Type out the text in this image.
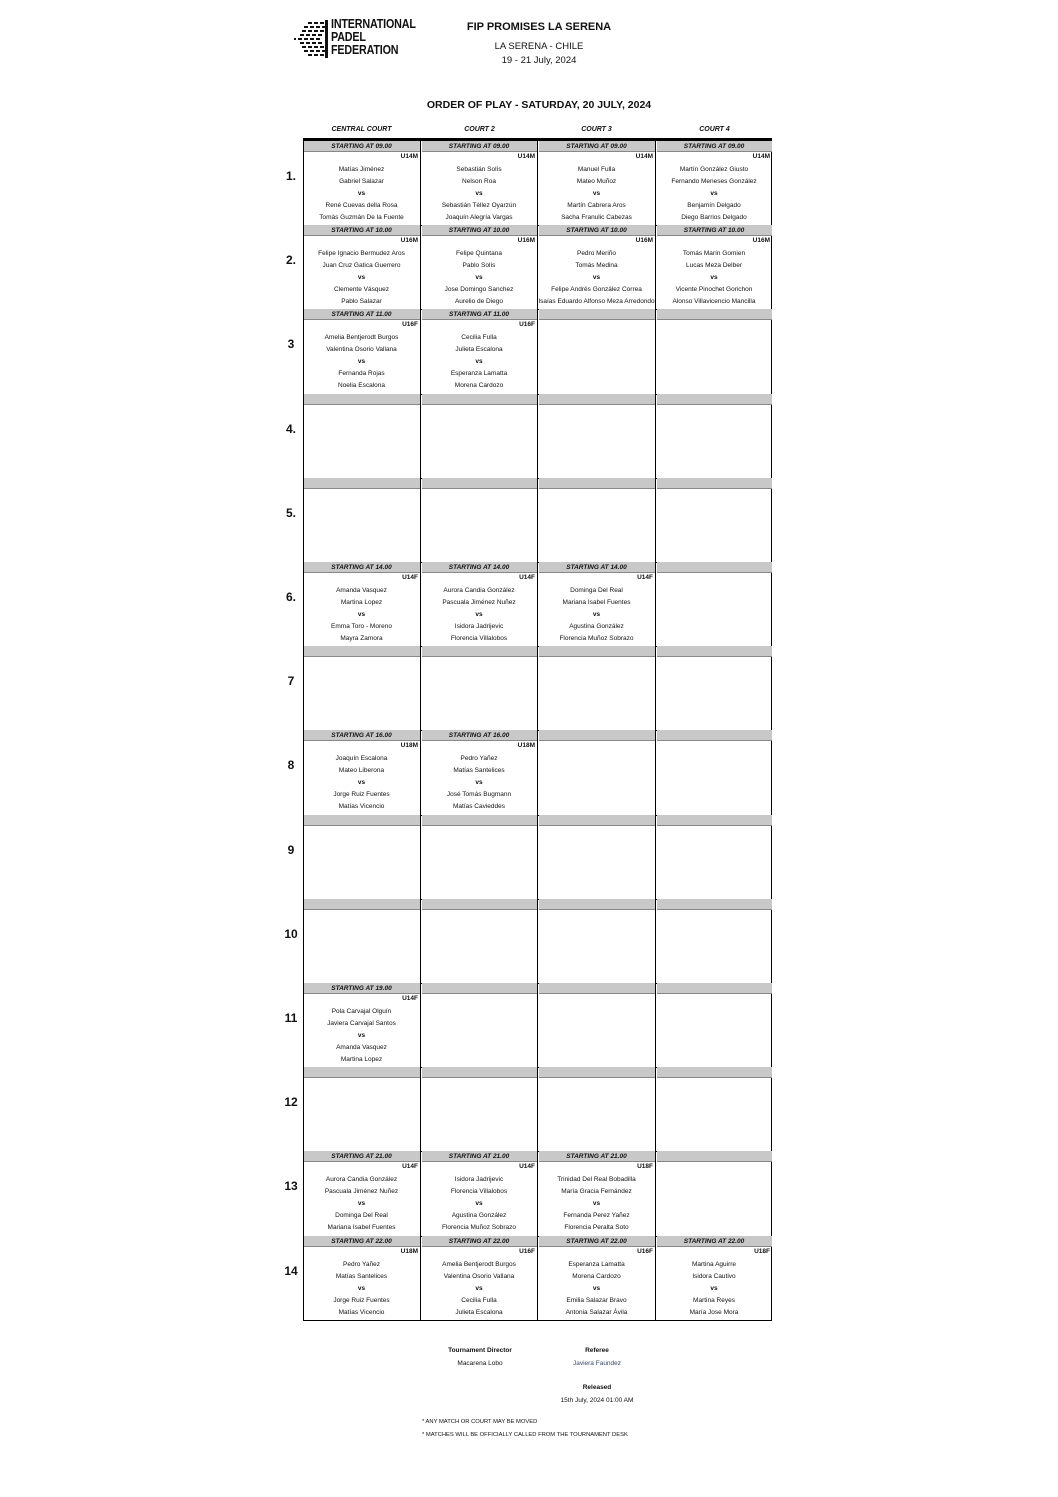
INTERNATIONAL
PADEL
FEDERATION
FIP PROMISES LA SERENA
LA SERENA - CHILE
19 - 21 July, 2024
ORDER OF PLAY - SATURDAY, 20 JULY, 2024
CENTRAL COURT	COURT 2	COURT 3	COURT 4
1.
STARTING AT 09.00
U14M
Matías Jiménez
Gabriel Salazar
vs
René Cuevas della Rosa
Tomás Guzmán De la Fuente
STARTING AT 09.00
U14M
Sebastián Solís
Nelson Roa
vs
Sebastián Téllez Oyarzún
Joaquín Alegría Vargas
STARTING AT 09.00
U14M
Manuel Fulla
Mateo Muñoz
vs
Martín Cabrera Aros
Sacha Franulic Cabezas
STARTING AT 09.00
U14M
Martín González Giusto
Fernando Meneses González
vs
Benjamín Delgado
Diego Barrios Delgado
2.
STARTING AT 10.00
U16M
Felipe Ignacio Bermudez Aros
Juan Cruz Gatica Guerrero
vs
Clemente Vásquez
Pablo Salazar
STARTING AT 10.00
U16M
Felipe Quintana
Pablo Solís
vs
Jose Domingo Sanchez
Aurelio de Diego
STARTING AT 10.00
U16M
Pedro Meriño
Tomás Medina
vs
Felipe Andrés González Correa
Isaías Eduardo Alfonso Meza Arredondo
STARTING AT 10.00
U16M
Tomás Marín Gomien
Lucas Meza Delber
vs
Vicente Pinochet Gorichon
Alonso Villavicencio Mancilla
3
STARTING AT 11.00
U16F
Amelia Bentjerodt Burgos
Valentina Osorio Vallana
vs
Fernanda Rojas
Noelia Escalona
STARTING AT 11.00
U16F
Cecilia Fulla
Julieta Escalona
vs
Esperanza Lamatta
Morena Cardozo
4.
5.
6.
STARTING AT 14.00
U14F
Amanda Vasquez
Martina Lopez
vs
Emma Toro - Moreno
Mayra Zamora
STARTING AT 14.00
U14F
Aurora Candia González
Pascuala Jiménez Nuñez
vs
Isidora Jadrijevic
Florencia Villalobos
STARTING AT 14.00
U14F
Dominga Del Real
Mariana Isabel Fuentes
vs
Agustina González
Florencia Muñoz Sobrazo
7
8
STARTING AT 16.00
U18M
Joaquín Escalona
Mateo Liberona
vs
Jorge Ruiz Fuentes
Matías Vicencio
STARTING AT 16.00
U18M
Pedro Yañez
Matías Santelices
vs
José Tomás Bugmann
Matías Cavieddes
9
10
11
STARTING AT 19.00
U14F
Pola Carvajal Olguín
Javiera Carvajal Santos
vs
Amanda Vasquez
Martina Lopez
12
13
STARTING AT 21.00
U14F
Aurora Candia González
Pascuala Jiménez Nuñez
vs
Dominga Del Real
Mariana Isabel Fuentes
STARTING AT 21.00
U14F
Isidora Jadrijevic
Florencia Villalobos
vs
Agustina González
Florencia Muñoz Sobrazo
STARTING AT 21.00
U18F
Trinidad Del Real Bobadilla
María Gracia Fernández
vs
Fernanda Perez Yañez
Florencia Peralta Soto
14
STARTING AT 22.00
U18M
Pedro Yañez
Matías Santelices
vs
Jorge Ruiz Fuentes
Matías Vicencio
STARTING AT 22.00
U16F
Amelia Bentjerodt Burgos
Valentina Osorio Vallana
vs
Cecilia Fulla
Julieta Escalona
STARTING AT 22.00
U16F
Esperanza Lamatta
Morena Cardozo
vs
Emilia Salazar Bravo
Antonia Salazar Ávila
STARTING AT 22.00
U18F
Martina Aguirre
Isidora Cautivo
vs
Martina Reyes
María Jose Mora
Tournament Director
Macarena Lobo
Referee
Javiera Faundez
Released
15th July, 2024 01:00 AM
* ANY MATCH OR COURT MAY BE MOVED
* MATCHES WILL BE OFFICIALLY CALLED FROM THE TOURNAMENT DESK
